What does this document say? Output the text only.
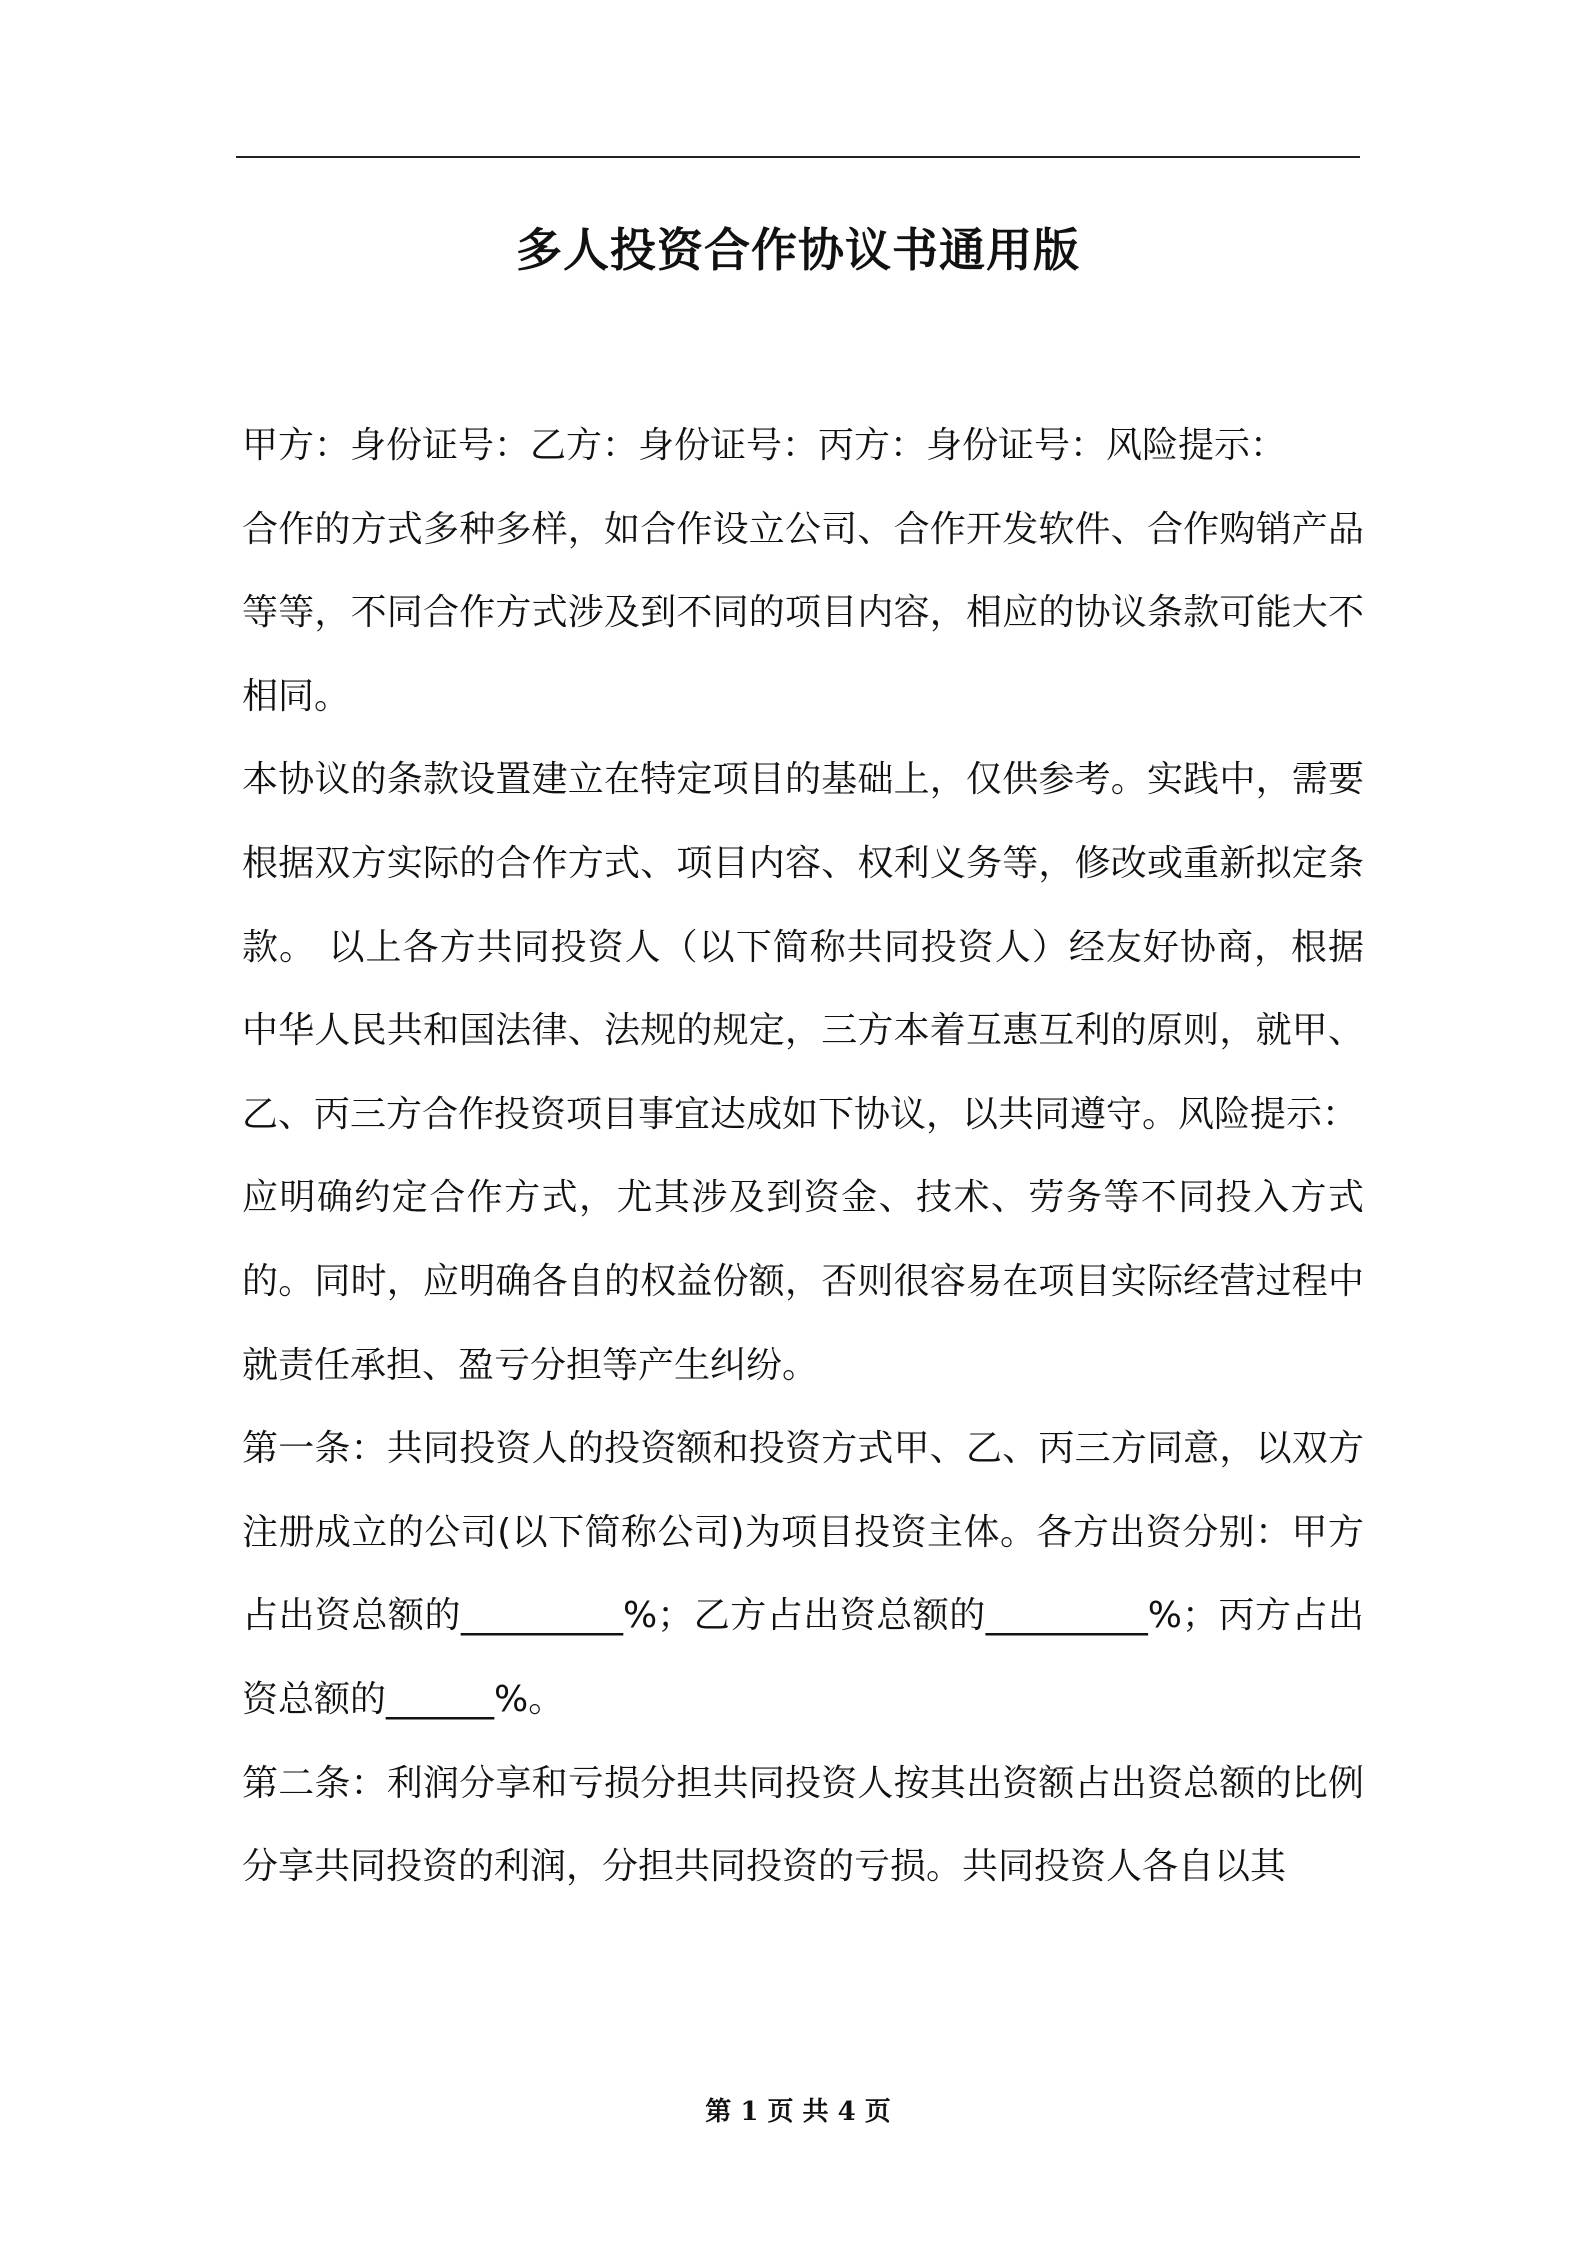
多人投资合作协议书通用版

甲方：身份证号：乙方：身份证号：丙方：身份证号：风险提示：

合作的方式多种多样，如合作设立公司、合作开发软件、合作购销产品等等，不同合作方式涉及到不同的项目内容，相应的协议条款可能大不相同。

本协议的条款设置建立在特定项目的基础上，仅供参考。实践中，需要根据双方实际的合作方式、项目内容、权利义务等，修改或重新拟定条款。 以上各方共同投资人（以下简称共同投资人）经友好协商，根据中华人民共和国法律、法规的规定，三方本着互惠互利的原则，就甲、乙、丙三方合作投资项目事宜达成如下协议，以共同遵守。风险提示：

应明确约定合作方式，尤其涉及到资金、技术、劳务等不同投入方式的。同时，应明确各自的权益份额，否则很容易在项目实际经营过程中就责任承担、盈亏分担等产生纠纷。

第一条：共同投资人的投资额和投资方式甲、乙、丙三方同意，以双方注册成立的公司(以下简称公司)为项目投资主体。各方出资分别：甲方占出资总额的_________%；乙方占出资总额的_________%；丙方占出资总额的______%。

第二条：利润分享和亏损分担共同投资人按其出资额占出资总额的比例分享共同投资的利润，分担共同投资的亏损。共同投资人各自以其

第 1 页 共 4 页
